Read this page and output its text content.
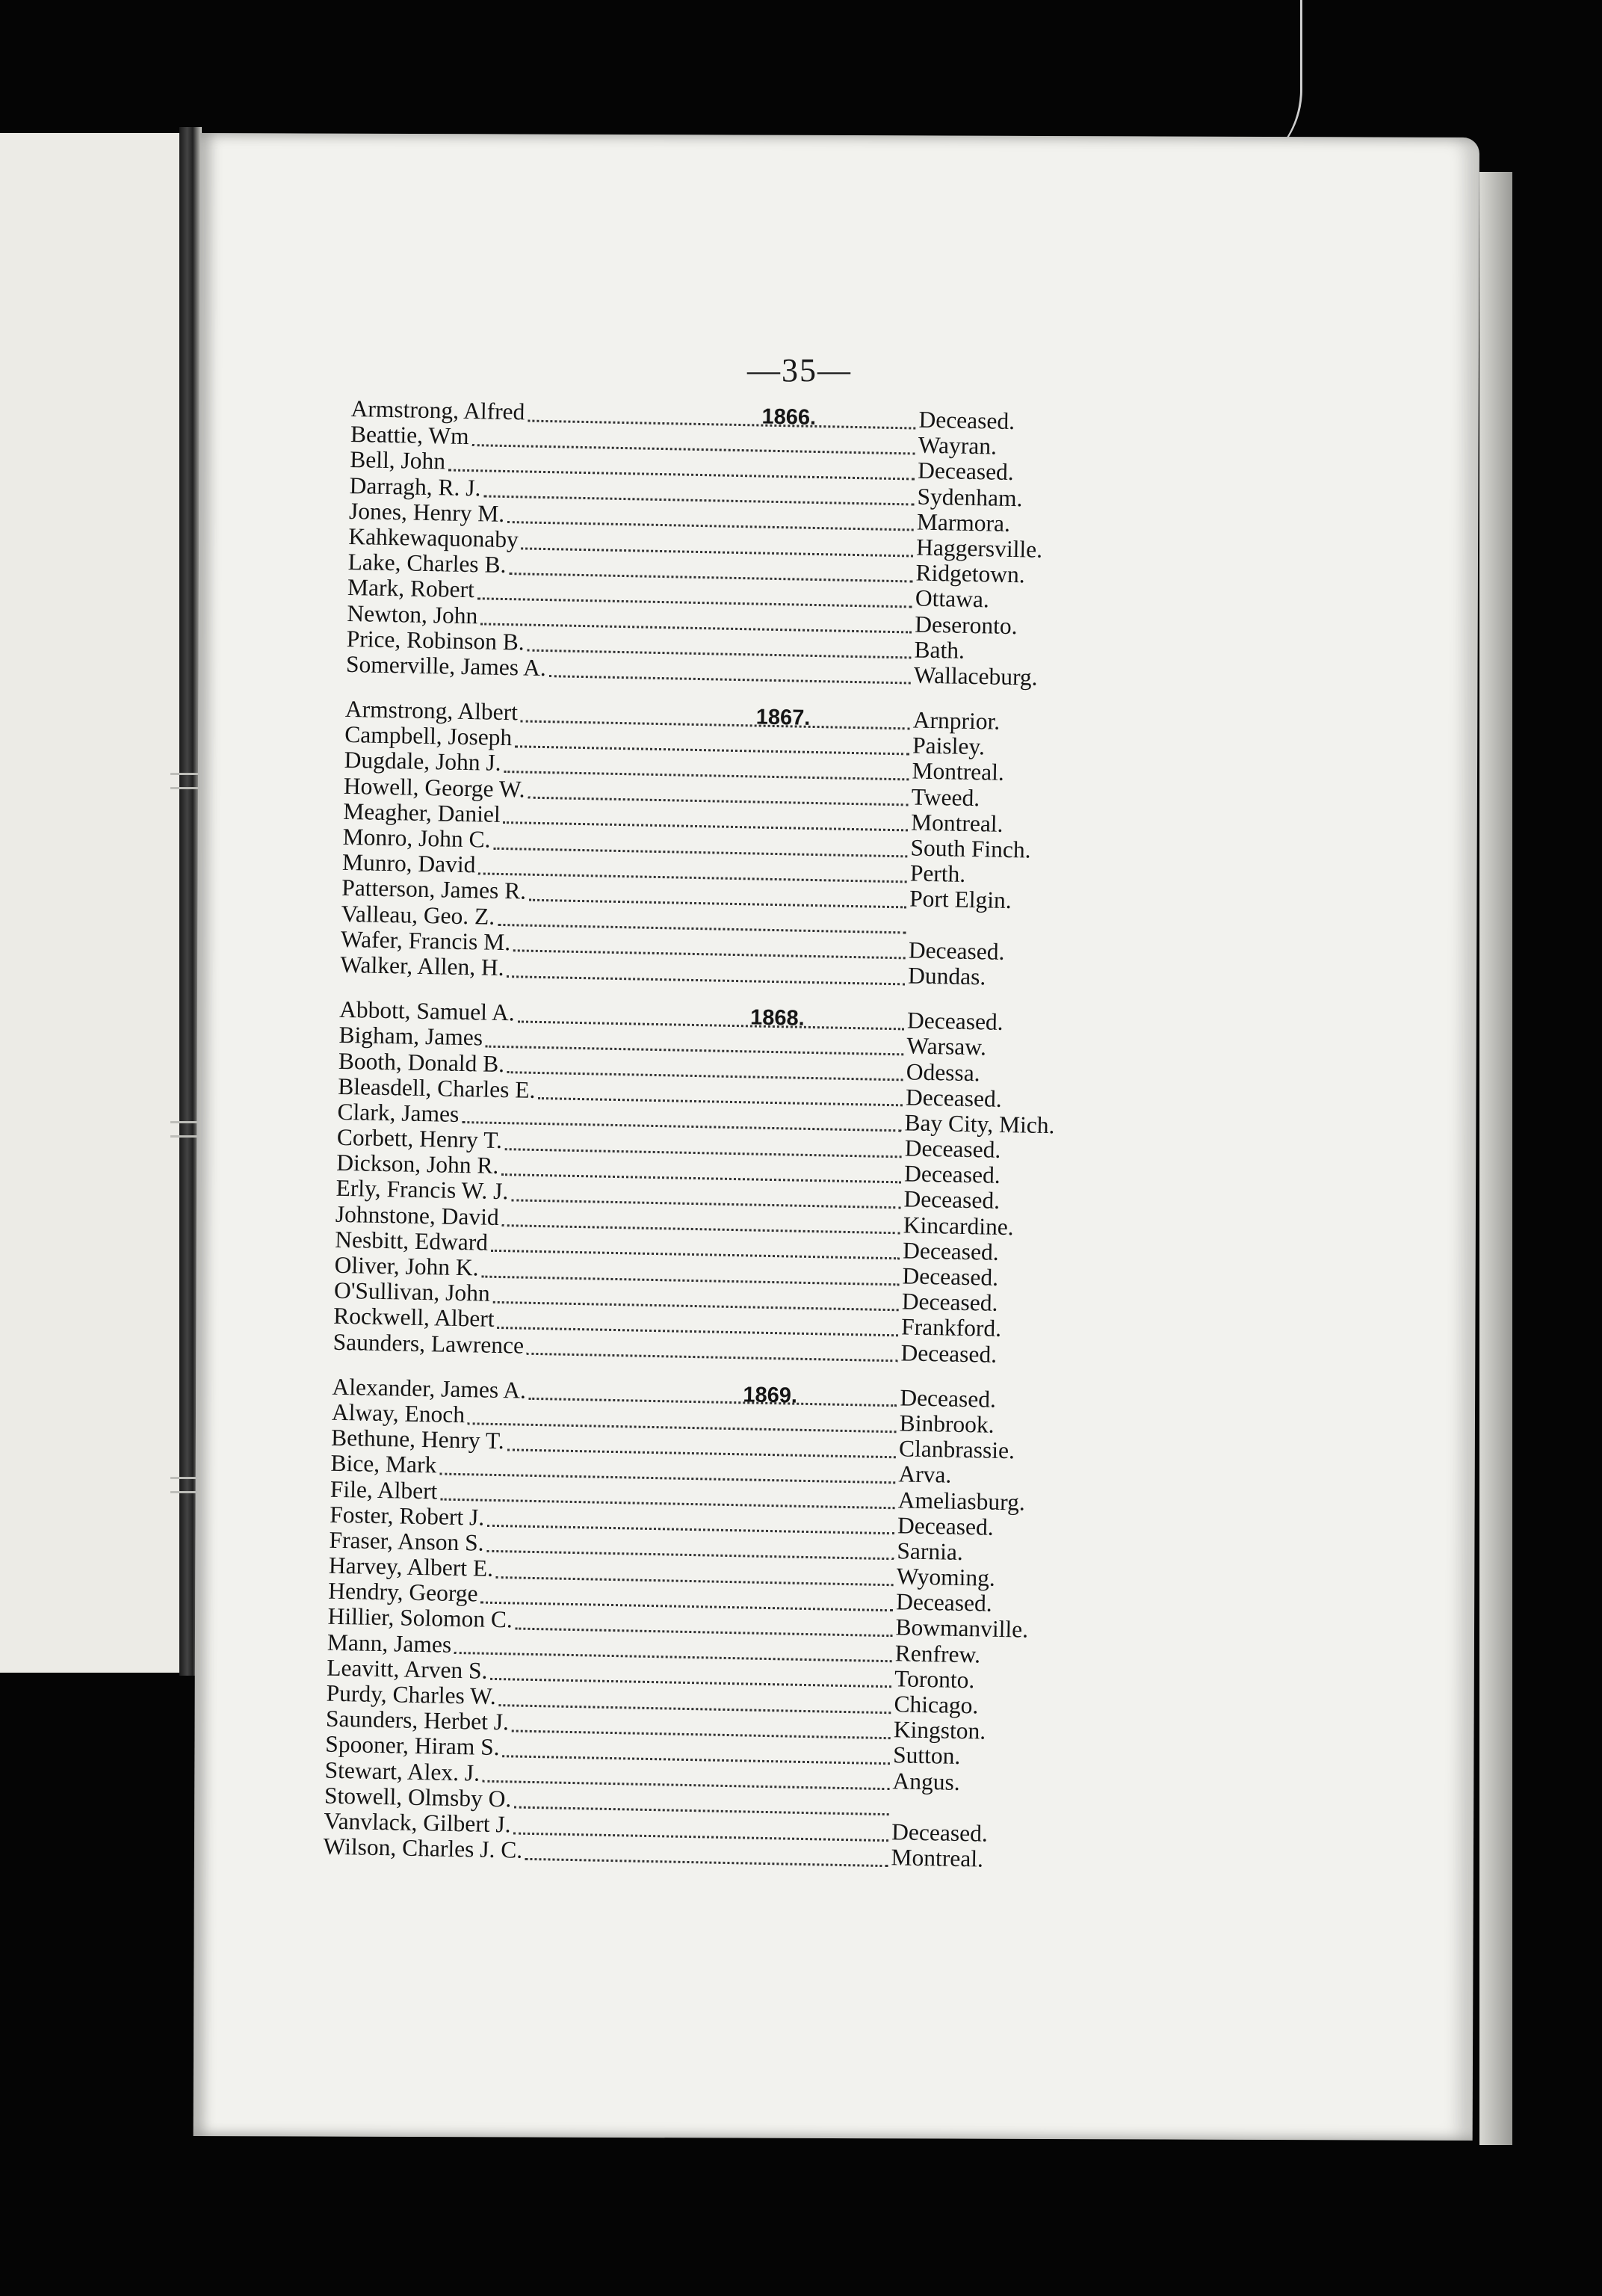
—35—
1866.
Armstrong, Alfred	Deceased.
Beattie, Wm	Wayran.
Bell, John	Deceased.
Darragh, R. J.	Sydenham.
Jones, Henry M.	Marmora.
Kahkewaquonaby	Haggersville.
Lake, Charles B.	Ridgetown.
Mark, Robert	Ottawa.
Newton, John	Deseronto.
Price, Robinson B.	Bath.
Somerville, James A.	Wallaceburg.
1867.
Armstrong, Albert	Arnprior.
Campbell, Joseph	Paisley.
Dugdale, John J.	Montreal.
Howell, George W.	Tweed.
Meagher, Daniel	Montreal.
Monro, John C.	South Finch.
Munro, David	Perth.
Patterson, James R.	Port Elgin.
Valleau, Geo. Z.
Wafer, Francis M.	Deceased.
Walker, Allen, H.	Dundas.
1868.
Abbott, Samuel A.	Deceased.
Bigham, James	Warsaw.
Booth, Donald B.	Odessa.
Bleasdell, Charles E.	Deceased.
Clark, James	Bay City, Mich.
Corbett, Henry T.	Deceased.
Dickson, John R.	Deceased.
Erly, Francis W. J.	Deceased.
Johnstone, David	Kincardine.
Nesbitt, Edward	Deceased.
Oliver, John K.	Deceased.
O'Sullivan, John	Deceased.
Rockwell, Albert	Frankford.
Saunders, Lawrence	Deceased.
1869.
Alexander, James A.	Deceased.
Alway, Enoch	Binbrook.
Bethune, Henry T.	Clanbrassie.
Bice, Mark	Arva.
File, Albert	Ameliasburg.
Foster, Robert J.	Deceased.
Fraser, Anson S.	Sarnia.
Harvey, Albert E.	Wyoming.
Hendry, George	Deceased.
Hillier, Solomon C.	Bowmanville.
Mann, James	Renfrew.
Leavitt, Arven S.	Toronto.
Purdy, Charles W.	Chicago.
Saunders, Herbet J.	Kingston.
Spooner, Hiram S.	Sutton.
Stewart, Alex. J.	Angus.
Stowell, Olmsby O.
Vanvlack, Gilbert J.	Deceased.
Wilson, Charles J. C.	Montreal.
